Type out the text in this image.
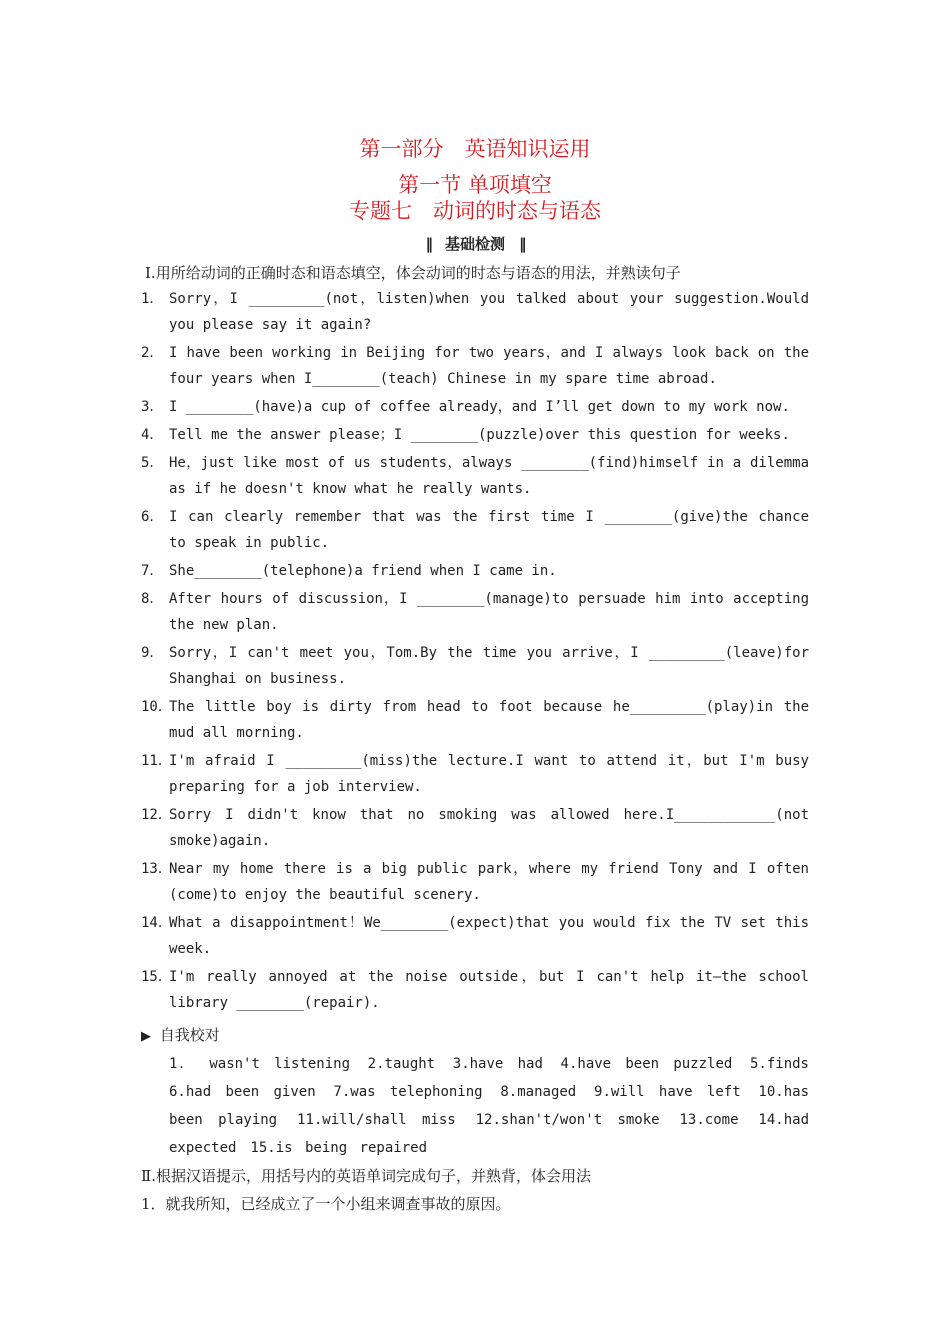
第一部分　英语知识运用
第一节 单项填空
专题七　动词的时态与语态
‖ 基础检测 ‖
Ⅰ.用所给动词的正确时态和语态填空，体会动词的时态与语态的用法，并熟读句子
1． Sorry，I _________(not，listen)when you talked about your suggestion.Would you please say it again?
2． I have been working in Beijing for two years，and I always look back on the four years when I________(teach) Chinese in my spare time abroad.
3． I ________(have)a cup of coffee already，and I’ll get down to my work now.
4． Tell me the answer please；I ________(puzzle)over this question for weeks.
5． He，just like most of us students，always ________(find)himself in a dilemma as if he doesn't know what he really wants.
6． I can clearly remember that was the first time I ________(give)the chance to speak in public.
7． She________(telephone)a friend when I came in.
8． After hours of discussion，I ________(manage)to persuade him into accepting the new plan.
9． Sorry，I can't meet you，Tom.By the time you arrive，I _________(leave)for Shanghai on business.
10．
The little boy is dirty from head to foot because he_________(play)in the mud all morning.
11．
I'm afraid I _________(miss)the lecture.I want to attend it，but I'm busy preparing for a job interview.
12．
Sorry I didn't know that no smoking was allowed here.I____________(not smoke)again.
13．
Near my home there is a big public park，where my friend Tony and I often (come)to enjoy the beautiful scenery.
14．
What a disappointment！We________(expect)that you would fix the TV set this week.
15．
I'm really annoyed at the noise outside，but I can't help it—the school library ________(repair).
▶ 自我校对
1． wasn't listening　2.taught　3.have had　4.have been puzzled　5.finds　6.had been given　7.was telephoning　8.managed　9.will have left　10.has been playing　11.will/shall miss　12.shan't/won't smoke　13.come　14.had expected　15.is being repaired
Ⅱ.根据汉语提示，用括号内的英语单词完成句子，并熟背，体会用法
1．就我所知，已经成立了一个小组来调查事故的原因。
